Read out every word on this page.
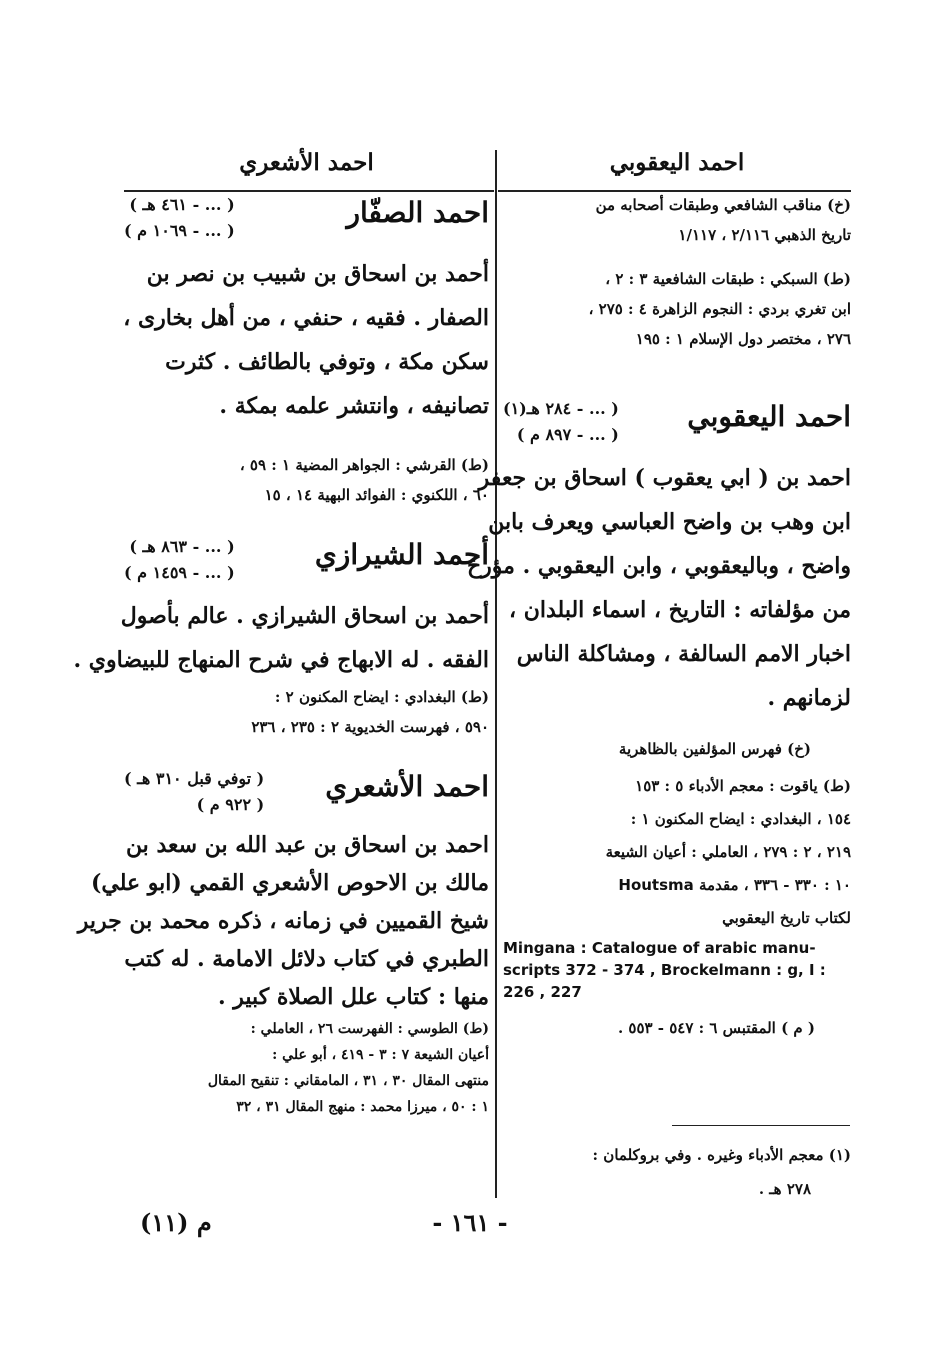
احمد اليعقوبي
(خ) مناقب الشافعي وطبقات أصحابه من
تاريخ الذهبي ٢/١١٦ ، ١/١١٧
(ط) السبكي : طبقات الشافعية ٣ : ٢ ،
ابن تغري بردي : النجوم الزاهرة ٤ : ٢٧٥ ،
٢٧٦ ، مختصر دول الإسلام ١ : ١٩٥
احمد اليعقوبي
( ... - ٢٨٤ هـ(١)
( ... - ٨٩٧ م )
احمد بن ( ابي يعقوب ) اسحاق بن جعفر
ابن وهب بن واضح العباسي ويعرف بابن
واضح ، وباليعقوبي ، وابن اليعقوبي . مؤرخ
من مؤلفاته : التاريخ ، اسماء البلدان ،
اخبار الامم السالفة ، ومشاكلة الناس
لزمانهم .
(خ) فهرس المؤلفين بالظاهرية
(ط) ياقوت : معجم الأدباء ٥ : ١٥٣
١٥٤ ، البغدادي : ايضاح المكنون ١ :
٢١٩ ، ٢ : ٢٧٩ ، العاملي : أعيان الشيعة
١٠ : ٣٣٠ - ٣٣٦ ، مقدمة Houtsma
لكتاب تاريخ اليعقوبي
Mingana : Catalogue of arabic manu-
scripts 372 - 374 , Brockelmann : g, I :
226 , 227
( م ) المقتبس ٦ : ٥٤٧ - ٥٥٣ .
(١) معجم الأدباء وغيره . وفي بروكلمان :
٢٧٨ هـ .
احمد الأشعري
احمد الصفّار
( ... - ٤٦١ هـ )
( ... - ١٠٦٩ م )
أحمد بن اسحاق بن شبيب بن نصر بن
الصفار . فقيه ، حنفي ، من أهل بخارى ،
سكن مكة ، وتوفي بالطائف . كثرت
تصانيفه ، وانتشر علمه بمكة .
(ط) القرشي : الجواهر المضية ١ : ٥٩ ،
٦٠ ، اللكنوي : الفوائد البهية ١٤ ، ١٥
أحمد الشيرازي
( ... - ٨٦٣ هـ )
( ... - ١٤٥٩ م )
أحمد بن اسحاق الشيرازي . عالم بأصول
الفقه . له الابهاج في شرح المنهاج للبيضاوي .
(ط) البغدادي : ايضاح المكنون ٢ :
٥٩٠ ، فهرست الخديوية ٢ : ٢٣٥ ، ٢٣٦
احمد الأشعري
( توفي قبل ٣١٠ هـ )
( ٩٢٢ م )
احمد بن اسحاق بن عبد الله بن سعد بن
مالك بن الاحوص الأشعري القمي (ابو علي)
شيخ القميين في زمانه ، ذكره محمد بن جرير
الطبري في كتاب دلائل الامامة . له كتب
منها : كتاب علل الصلاة كبير .
(ط) الطوسي : الفهرست ٢٦ ، العاملي :
أعيان الشيعة ٧ : ٣ - ٤١٩ ، أبو علي :
منتهى المقال ٣٠ ، ٣١ ، المامقاني : تنقيح المقال
١ : ٥٠ ، ميرزا محمد : منهج المقال ٣١ ، ٣٢
- ١٦١ -
م (١١)
